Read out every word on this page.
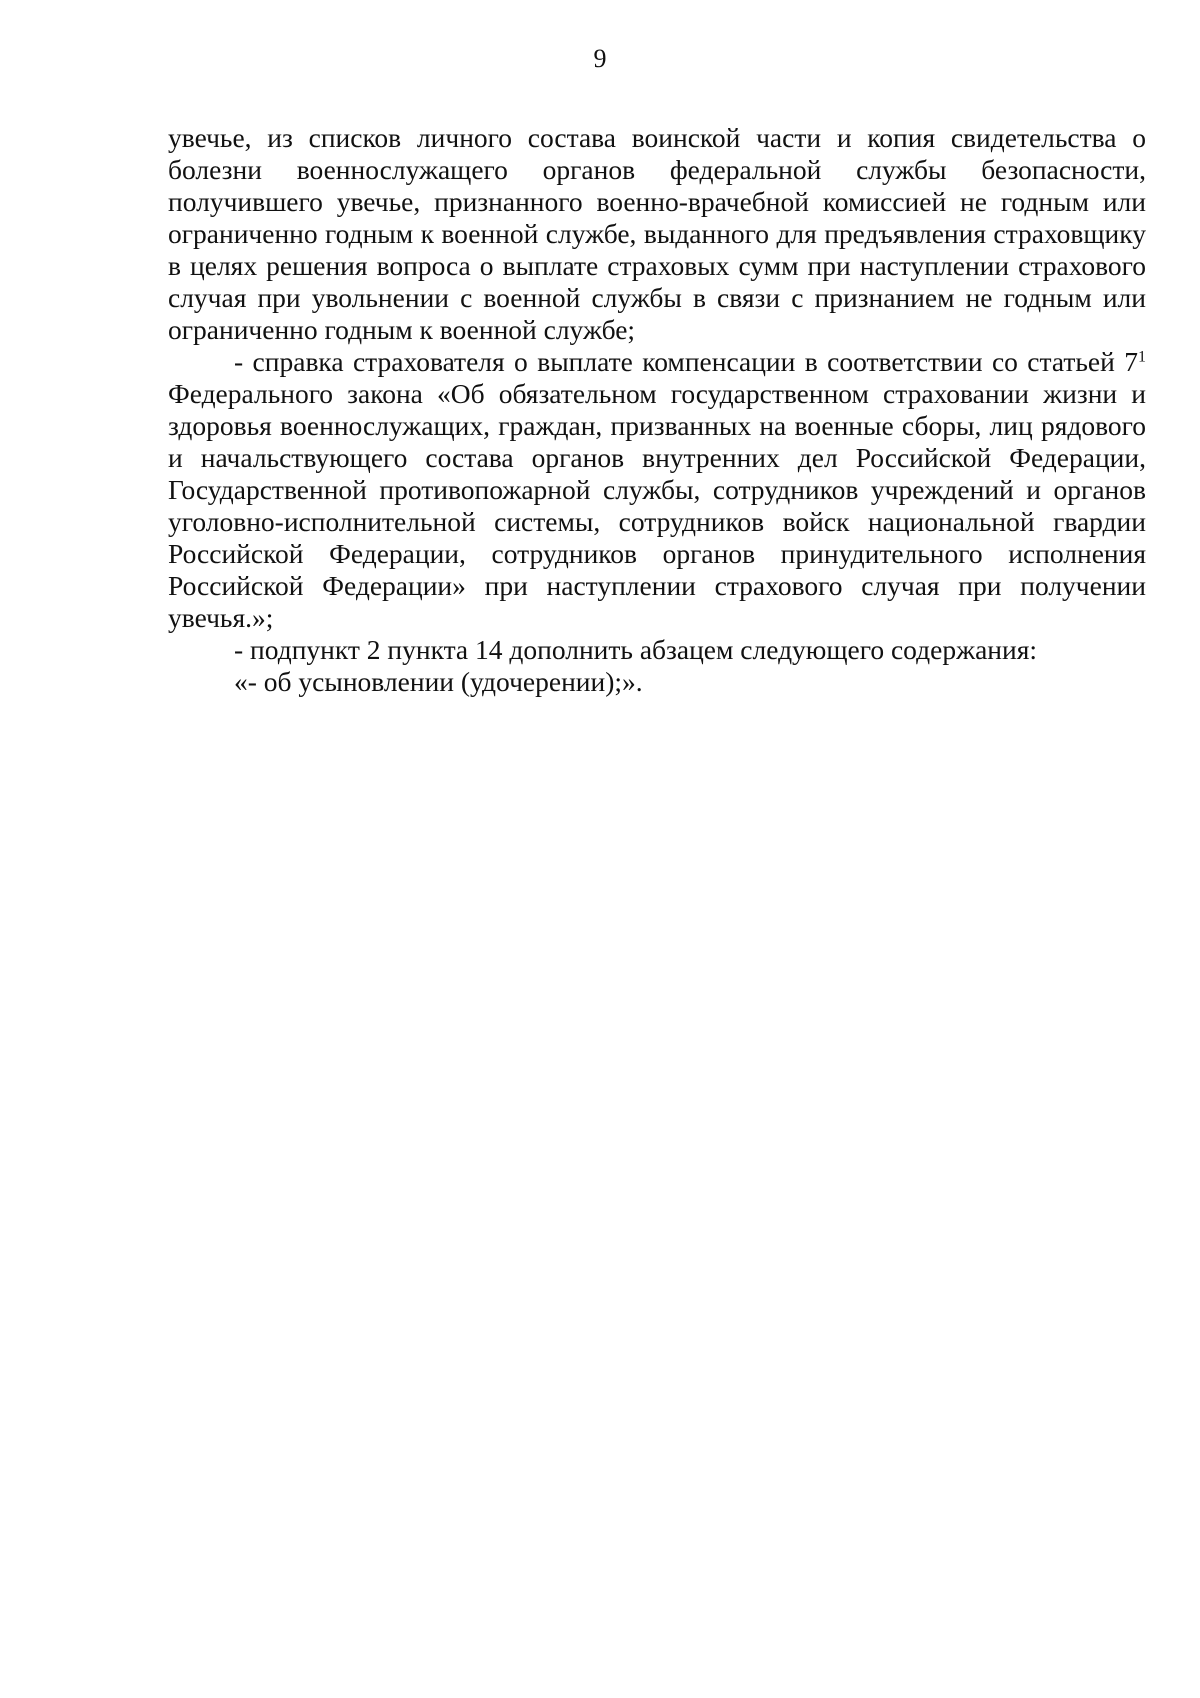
9

увечье, из списков личного состава воинской части и копия свидетельства о болезни военнослужащего органов федеральной службы безопасности, получившего увечье, признанного военно-врачебной комиссией не годным или ограниченно годным к военной службе, выданного для предъявления страховщику в целях решения вопроса о выплате страховых сумм при наступлении страхового случая при увольнении с военной службы в связи с признанием не годным или ограниченно годным к военной службе;

- справка страхователя о выплате компенсации в соответствии со статьей $7^1$ Федерального закона «Об обязательном государственном страховании жизни и здоровья военнослужащих, граждан, призванных на военные сборы, лиц рядового и начальствующего состава органов внутренних дел Российской Федерации, Государственной противопожарной службы, сотрудников учреждений и органов уголовно-исполнительной системы, сотрудников войск национальной гвардии Российской Федерации, сотрудников органов принудительного исполнения Российской Федерации» при наступлении страхового случая при получении увечья.»;

- подпункт 2 пункта 14 дополнить абзацем следующего содержания:

«- об усыновлении (удочерении);».
